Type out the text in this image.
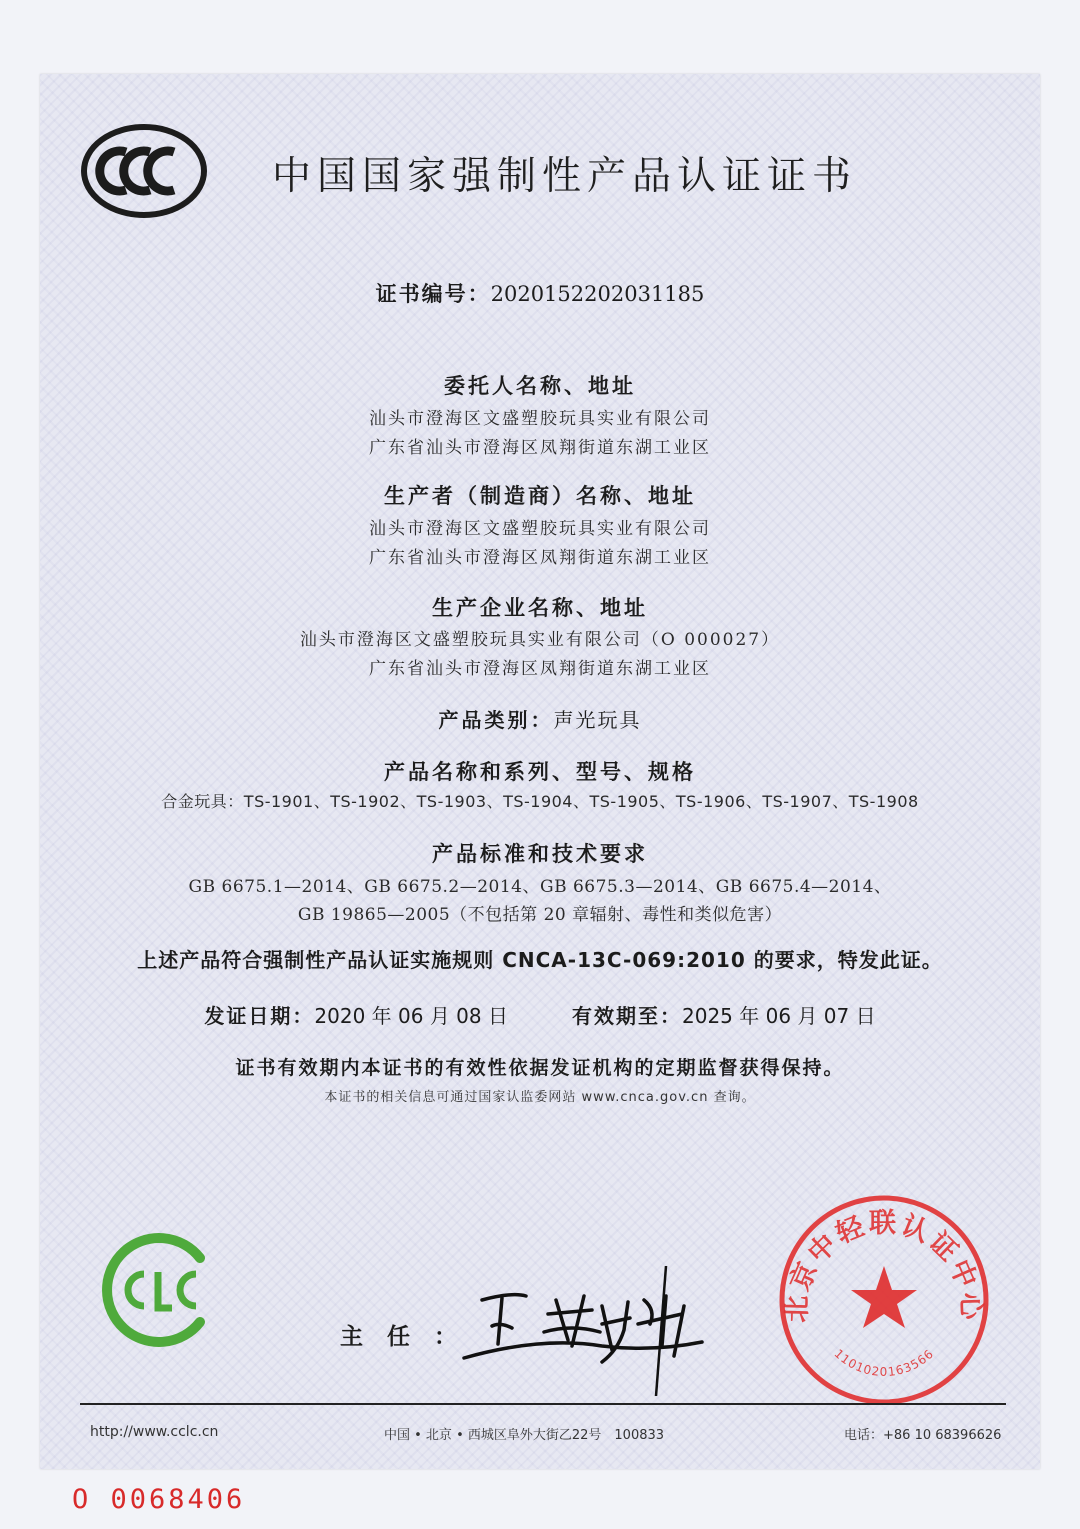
中国国家强制性产品认证证书
证书编号：2020152202031185
委托人名称、地址
汕头市澄海区文盛塑胶玩具实业有限公司
广东省汕头市澄海区凤翔街道东湖工业区
生产者（制造商）名称、地址
汕头市澄海区文盛塑胶玩具实业有限公司
广东省汕头市澄海区凤翔街道东湖工业区
生产企业名称、地址
汕头市澄海区文盛塑胶玩具实业有限公司（O 000027）
广东省汕头市澄海区凤翔街道东湖工业区
产品类别：声光玩具
产品名称和系列、型号、规格
合金玩具：TS-1901、TS-1902、TS-1903、TS-1904、TS-1905、TS-1906、TS-1907、TS-1908
产品标准和技术要求
GB 6675.1—2014、GB 6675.2—2014、GB 6675.3—2014、GB 6675.4—2014、
GB 19865—2005（不包括第 20 章辐射、毒性和类似危害）
上述产品符合强制性产品认证实施规则 CNCA-13C-069:2010 的要求，特发此证。
发证日期：2020 年 06 月 08 日	有效期至：2025 年 06 月 07 日
证书有效期内本证书的有效性依据发证机构的定期监督获得保持。
本证书的相关信息可通过国家认监委网站 www.cnca.gov.cn 查询。
主任：
北京中轻联认证中心
1101020163566
http://www.cclc.cn	中国 • 北京 • 西城区阜外大街乙22号　100833	电话：+86 10 68396626
O 0068406
